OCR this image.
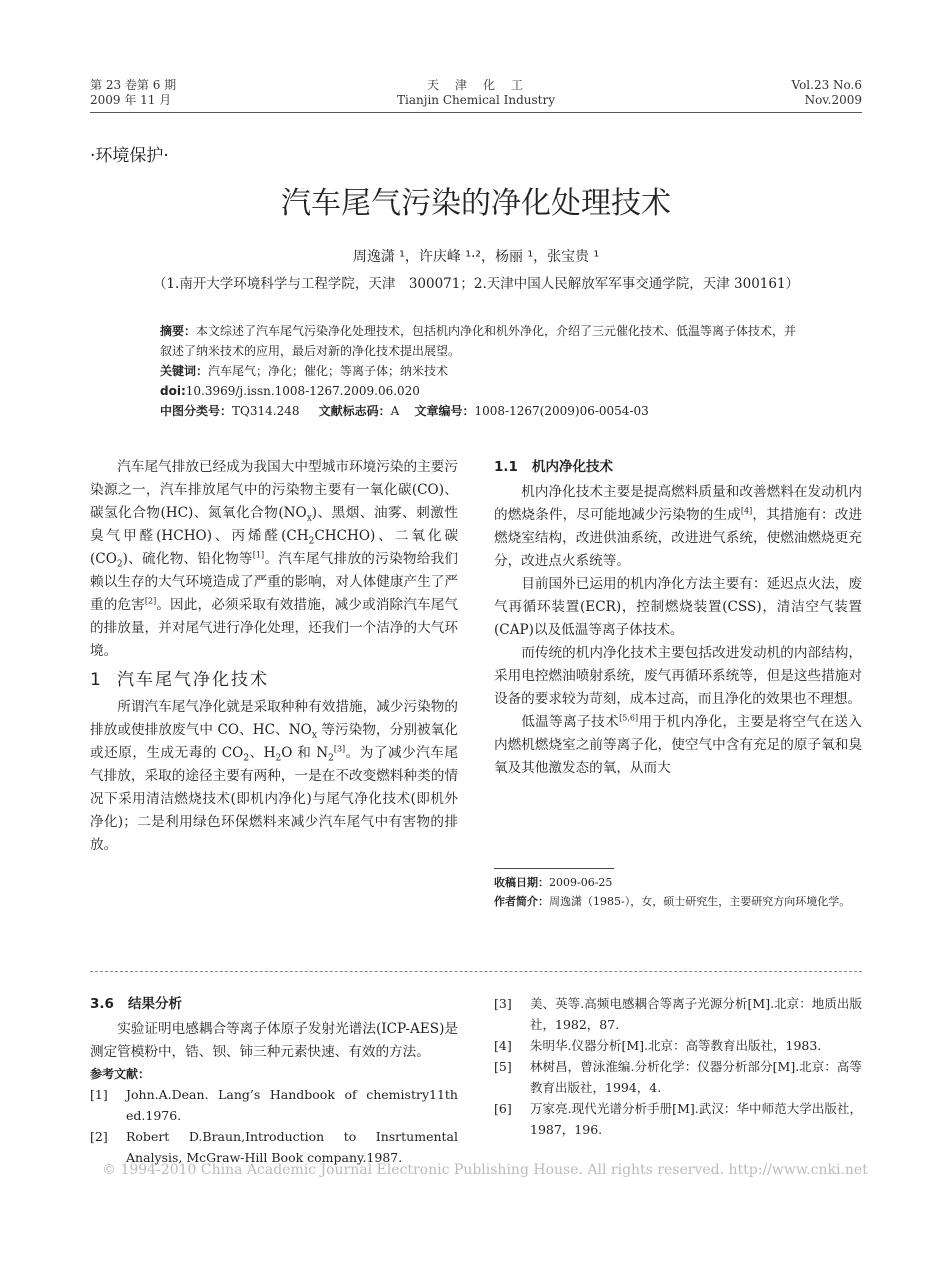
第 23 卷第 6 期
2009 年 11 月
天　津　化　工
Tianjin Chemical Industry
Vol.23 No.6
Nov.2009
·环境保护·
汽车尾气污染的净化处理技术
周逸潇 ¹，许庆峰 ¹·²，杨丽 ¹，张宝贵 ¹
（1.南开大学环境科学与工程学院，天津　300071；2.天津中国人民解放军军事交通学院，天津 300161）

摘要：本文综述了汽车尾气污染净化处理技术，包括机内净化和机外净化，介绍了三元催化技术、低温等离子体技术，并叙述了纳米技术的应用，最后对新的净化技术提出展望。

关键词：汽车尾气；净化；催化；等离子体；纳米技术

doi:10.3969/j.issn.1008-1267.2009.06.020

中图分类号：TQ314.248 文献标志码：A 文章编号：1008-1267(2009)06-0054-03

汽车尾气排放已经成为我国大中型城市环境污染的主要污染源之一，汽车排放尾气中的污染物主要有一氧化碳(CO)、碳氢化合物(HC)、氮氧化合物$(NO_x)$、黑烟、油雾、刺激性臭气甲醛(HCHO)、丙烯醛$(CH_2CHCHO)$、二氧化碳$(CO_2)$、硫化物、铅化物等[1]。汽车尾气排放的污染物给我们赖以生存的大气环境造成了严重的影响，对人体健康产生了严重的危害[2]。因此，必须采取有效措施，减少或消除汽车尾气的排放量，并对尾气进行净化处理，还我们一个洁净的大气环境。

1 汽车尾气净化技术

所谓汽车尾气净化就是采取种种有效措施，减少污染物的排放或使排放废气中 CO、HC、$NO_x$ 等污染物，分别被氧化或还原，生成无毒的 $CO_2$、$H_2O$ 和 $N_2[3]$。为了减少汽车尾气排放，采取的途径主要有两种，一是在不改变燃料种类的情况下采用清洁燃烧技术(即机内净化)与尾气净化技术(即机外净化)；二是利用绿色环保燃料来减少汽车尾气中有害物的排放。

1.1 机内净化技术

机内净化技术主要是提高燃料质量和改善燃料在发动机内的燃烧条件，尽可能地减少污染物的生成[4]，其措施有：改进燃烧室结构，改进供油系统，改进进气系统，使燃油燃烧更充分，改进点火系统等。

目前国外已运用的机内净化方法主要有：延迟点火法，废气再循环装置(ECR)，控制燃烧装置(CSS)，清洁空气装置(CAP)以及低温等离子体技术。

而传统的机内净化技术主要包括改进发动机的内部结构，采用电控燃油喷射系统，废气再循环系统等，但是这些措施对设备的要求较为苛刻，成本过高，而且净化的效果也不理想。

低温等离子技术[5,6]用于机内净化，主要是将空气在送入内燃机燃烧室之前等离子化，使空气中含有充足的原子氧和臭氧及其他激发态的氧，从而大

收稿日期：2009-06-25
作者简介：周逸潇（1985-），女，硕士研究生，主要研究方向环境化学。
3.6 结果分析

实验证明电感耦合等离子体原子发射光谱法(ICP-AES)是测定管模粉中，锆、钡、铈三种元素快速、有效的方法。

参考文献：
[1]	John.A.Dean. Lang’s Handbook of chemistry11th ed.1976.
[2]	Robert D.Braun,Introduction to Insrtumental Analysis, McGraw-Hill Book company.1987.
[3]	美、英等.高频电感耦合等离子光源分析[M].北京：地质出版社，1982，87.
[4]	朱明华.仪器分析[M].北京：高等教育出版社，1983.
[5]	林树昌，曾泳淮编.分析化学：仪器分析部分[M].北京：高等教育出版社，1994，4.
[6]	万家亮.现代光谱分析手册[M].武汉：华中师范大学出版社，1987，196.
© 1994-2010 China Academic Journal Electronic Publishing House. All rights reserved. http://www.cnki.net
